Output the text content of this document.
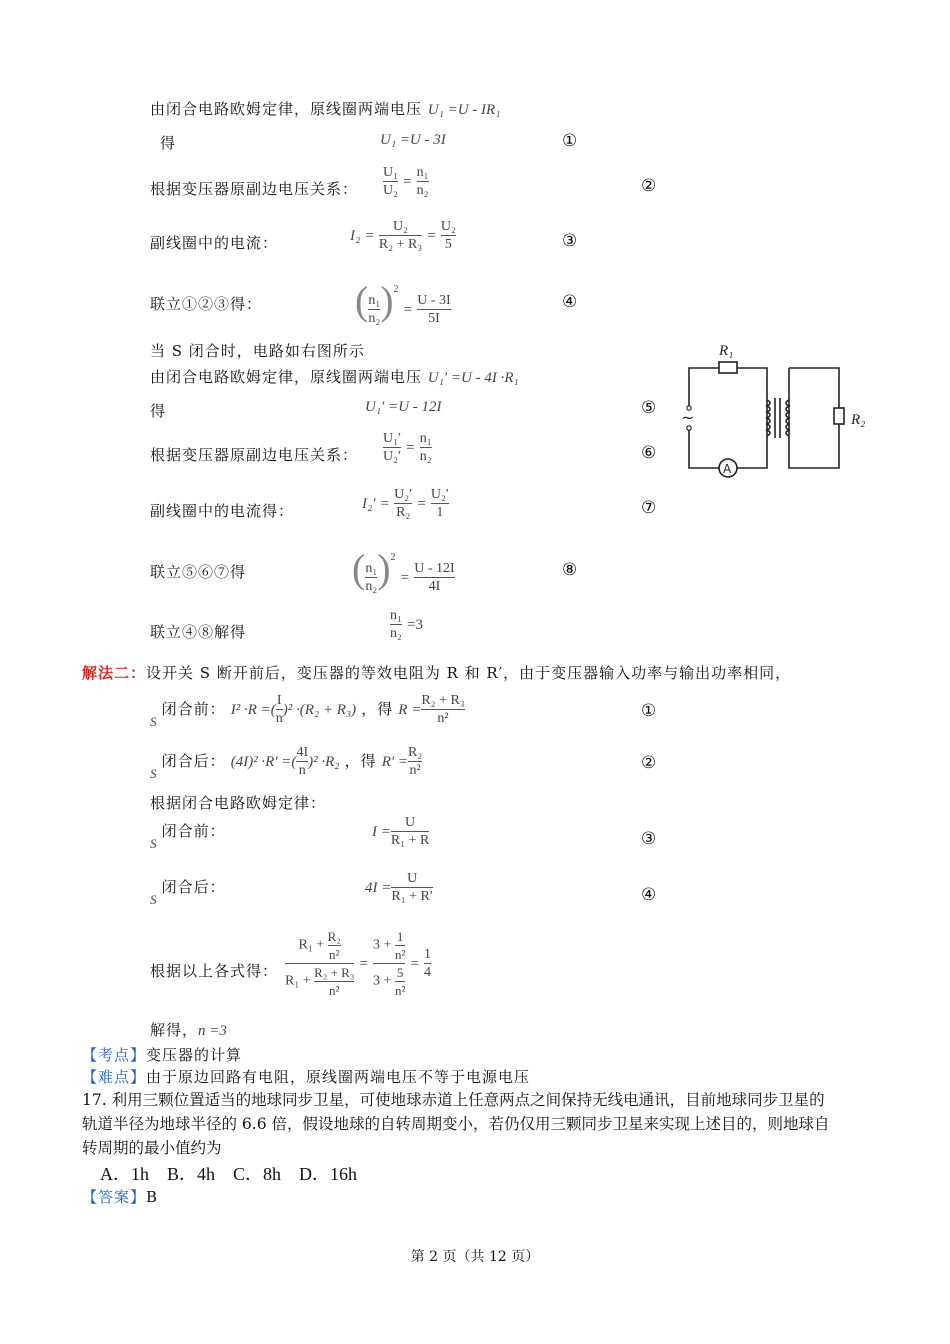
由闭合电路欧姆定律，原线圈两端电压 U₁ =U - IR₁
得	U₁ =U - 3I	①
根据变压器原副边电压关系： $\frac{\text{U₁}}{\text{U₂}} = \frac{\text{n₁}}{\text{n₂}}$	②
副线圈中的电流：	$I_2 = \frac{\text{U₂}}{\text{R₂ + R₃}} = \frac{\text{U₂}}{5}$	③
联立①②③得： ( $\frac{\text{n₁}}{\text{n₂}} )^2 = \frac{U - 3I}{5I}$	④
当 S 闭合时，电路如右图所示
由闭合电路欧姆定律，原线圈两端电压 U₁′ =U - 4I ·R₁
得	U₁′ =U - 12I	⑤
根据变压器原副边电压关系： $\frac{\text{U₁′}}{\text{U₂′}} = \frac{\text{n₁}}{\text{n₂}}$	⑥
副线圈中的电流得：	$I_2' = \frac{\text{U₂′}}{\text{R₂}} = \frac{\text{U₂′}}{1}$	⑦
联立⑤⑥⑦得	( $\frac{\text{n₁}}{\text{n₂}} )^2 = \frac{U - 12I}{4I}$	⑧
联立④⑧解得	$\frac{\text{n₁}}{\text{n₂}} =3$
~
A
R₁
R₂
解法二：设开关 S 断开前后，变压器的等效电阻为 R 和 R′，由于变压器输入功率与输出功率相同，
$_S$ 闭合前： I² ·R =( $\frac{I}{n} )^2 \cdot(R_2 + R_3)$ ，得 $R = \frac{\text{R₂ + R₃}}{\text{n²}}$	①
$_S$ 闭合后： (4I)² ·R' =( $\frac{4I}{n} )^2 \cdot R_2$ ，得 $R' = \frac{\text{R₂}}{\text{n²}}$	②
根据闭合电路欧姆定律：
$_S$ 闭合前：	$I = \frac{U}{\text{R₁ + R}}$	③
$_S$ 闭合后：	$4I = \frac{U}{\text{R₁ + R′}}$	④
根据以上各式得： $\frac{R_1 + \frac{\text{R₂}}{\text{n²}}}{R_1 + \frac{\text{R₂ + R₃}}{\text{n²}}} = \frac{3 + \frac{1}{\text{n²}}}{3 + \frac{5}{\text{n²}}} = \frac{1}{4}$
解得，n =3
【考点】变压器的计算
【难点】由于原边回路有电阻，原线圈两端电压不等于电源电压
17. 利用三颗位置适当的地球同步卫星，可使地球赤道上任意两点之间保持无线电通讯，目前地球同步卫星的
轨道半径为地球半径的 6.6 倍，假设地球的自转周期变小，若仍仅用三颗同步卫星来实现上述目的，则地球自
转周期的最小值约为
A．1h    B．4h    C．8h    D．16h
【答案】B
第 2 页（共 12 页）
